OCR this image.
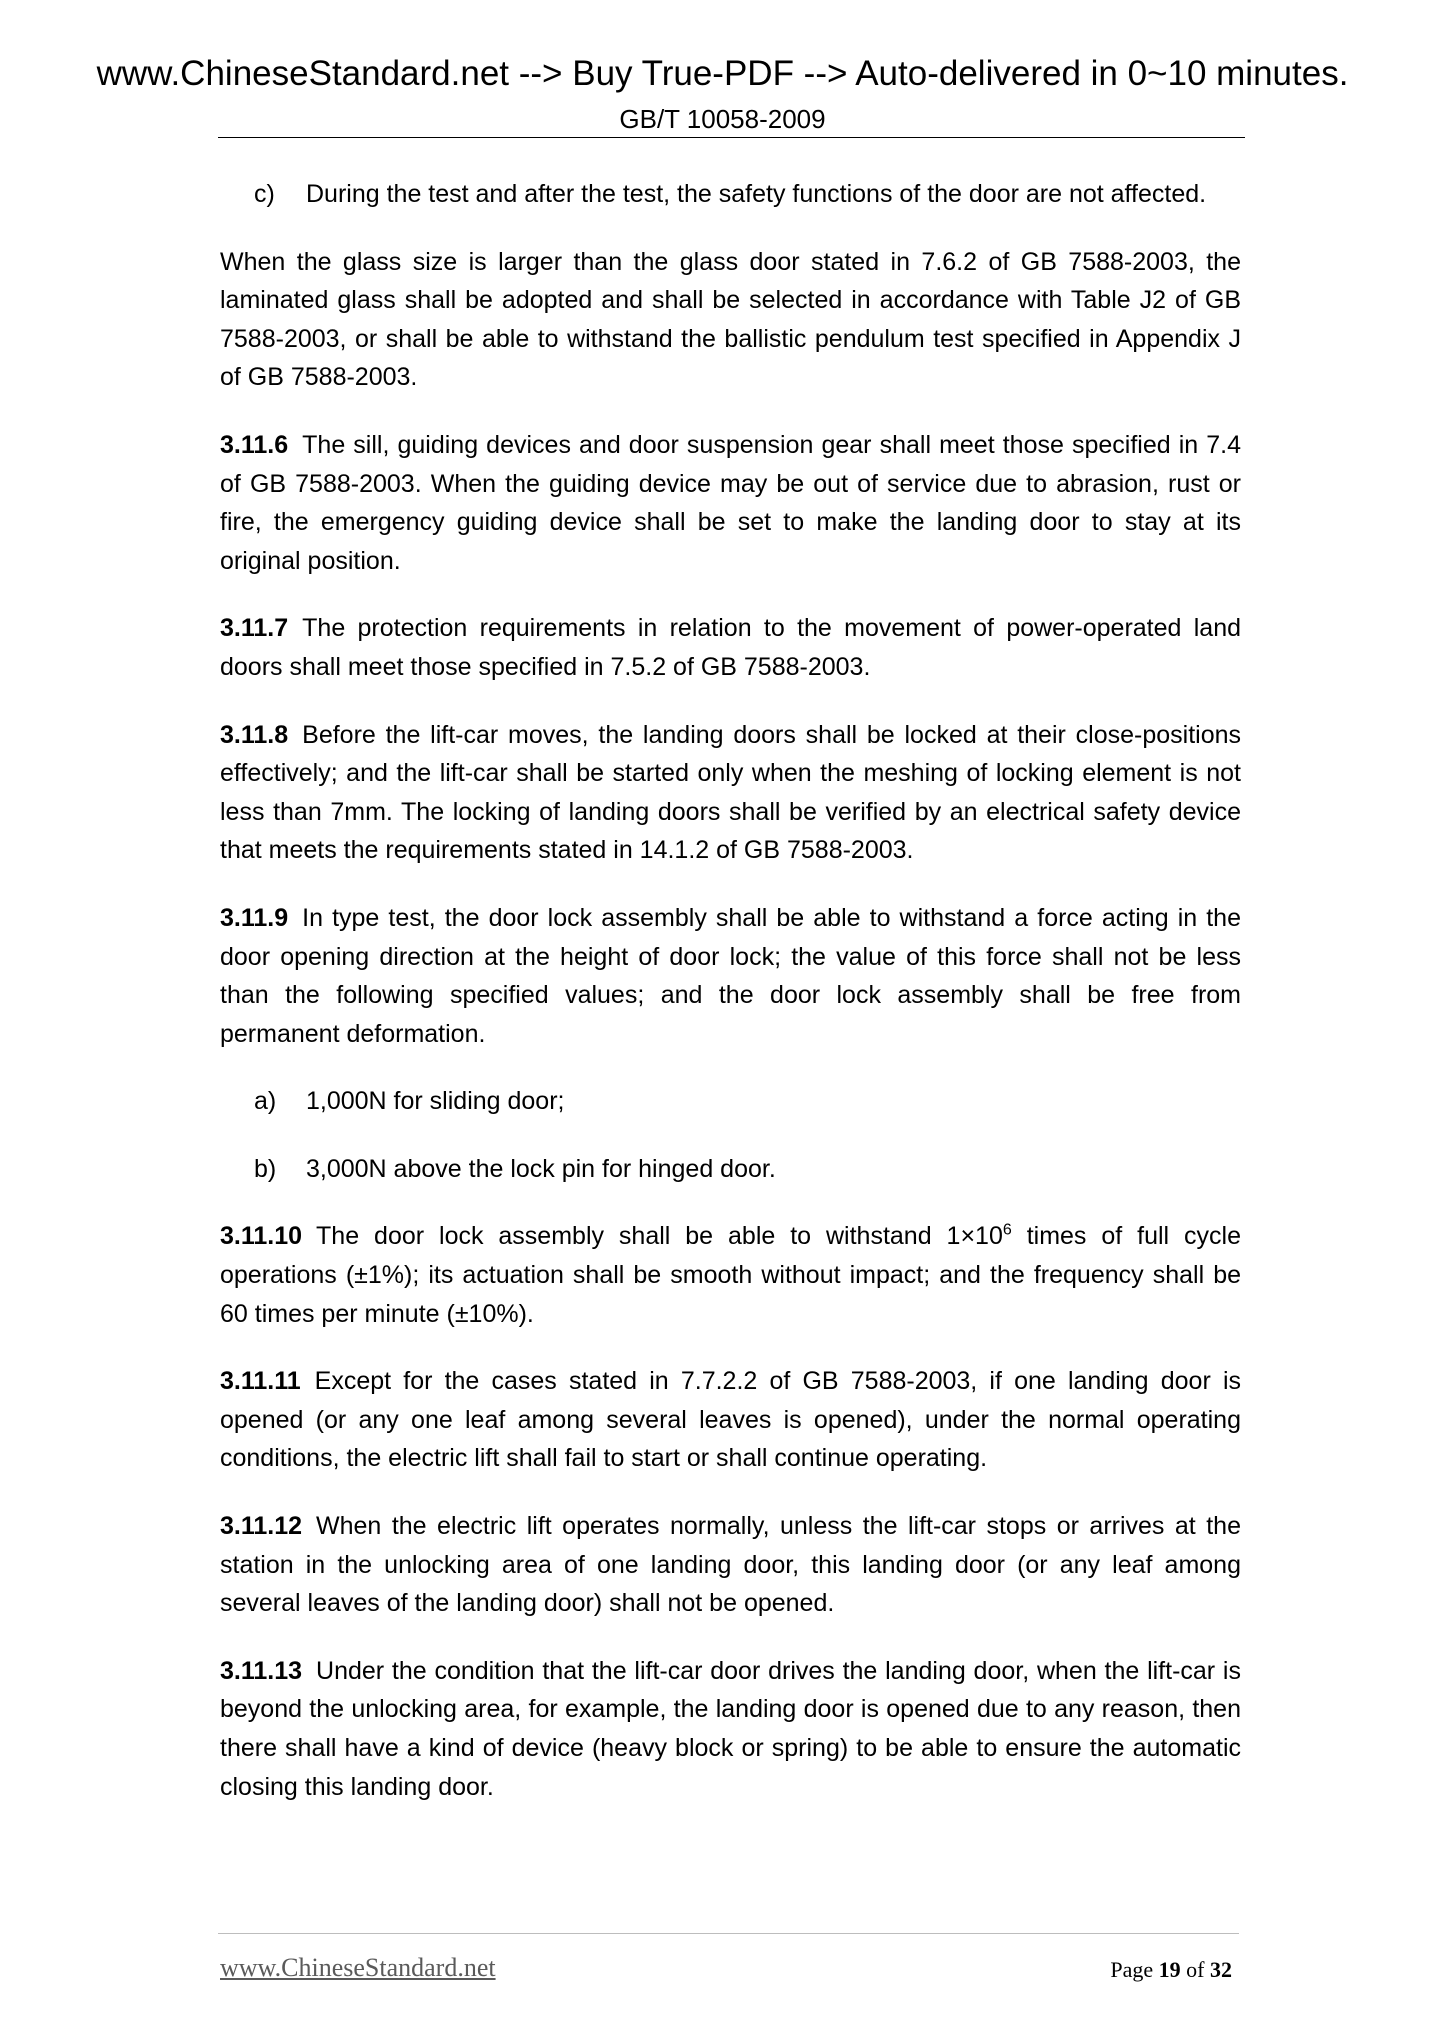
www.ChineseStandard.net --> Buy True-PDF --> Auto-delivered in 0~10 minutes.
GB/T 10058-2009
c)	During the test and after the test, the safety functions of the door are not affected.

When the glass size is larger than the glass door stated in 7.6.2 of GB 7588-2003, the laminated glass shall be adopted and shall be selected in accordance with Table J2 of GB 7588-2003, or shall be able to withstand the ballistic pendulum test specified in Appendix J of GB 7588-2003.

3.11.6 The sill, guiding devices and door suspension gear shall meet those specified in 7.4 of GB 7588-2003. When the guiding device may be out of service due to abrasion, rust or fire, the emergency guiding device shall be set to make the landing door to stay at its original position.

3.11.7 The protection requirements in relation to the movement of power-operated land doors shall meet those specified in 7.5.2 of GB 7588-2003.

3.11.8 Before the lift-car moves, the landing doors shall be locked at their close-positions effectively; and the lift-car shall be started only when the meshing of locking element is not less than 7mm. The locking of landing doors shall be verified by an electrical safety device that meets the requirements stated in 14.1.2 of GB 7588-2003.

3.11.9 In type test, the door lock assembly shall be able to withstand a force acting in the door opening direction at the height of door lock; the value of this force shall not be less than the following specified values; and the door lock assembly shall be free from permanent deformation.

a)	1,000N for sliding door;
b)	3,000N above the lock pin for hinged door.

3.11.10 The door lock assembly shall be able to withstand $1\times 10^6$ times of full cycle operations (±1%); its actuation shall be smooth without impact; and the frequency shall be 60 times per minute (±10%).

3.11.11 Except for the cases stated in 7.7.2.2 of GB 7588-2003, if one landing door is opened (or any one leaf among several leaves is opened), under the normal operating conditions, the electric lift shall fail to start or shall continue operating.

3.11.12 When the electric lift operates normally, unless the lift-car stops or arrives at the station in the unlocking area of one landing door, this landing door (or any leaf among several leaves of the landing door) shall not be opened.

3.11.13 Under the condition that the lift-car door drives the landing door, when the lift-car is beyond the unlocking area, for example, the landing door is opened due to any reason, then there shall have a kind of device (heavy block or spring) to be able to ensure the automatic closing this landing door.

www.ChineseStandard.net	Page 19 of 32
